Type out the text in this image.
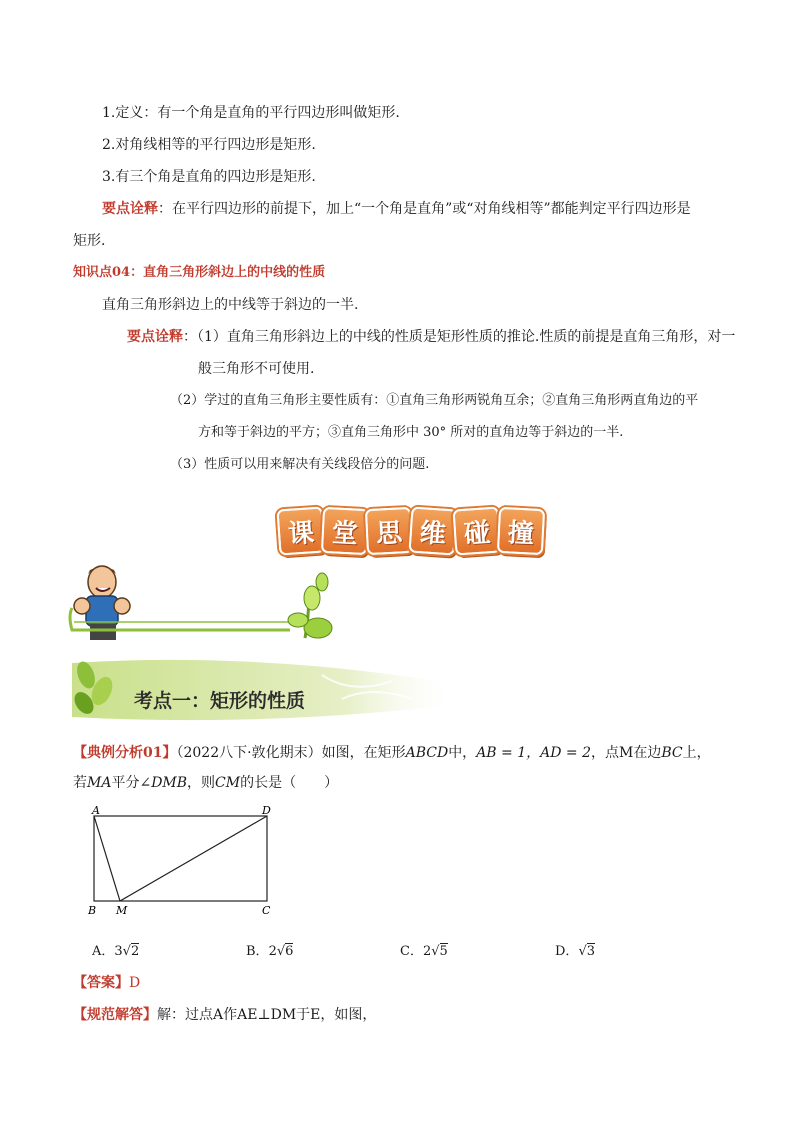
1.定义：有一个角是直角的平行四边形叫做矩形.
2.对角线相等的平行四边形是矩形.
3.有三个角是直角的四边形是矩形.
要点诠释：在平行四边形的前提下，加上“一个角是直角”或“对角线相等”都能判定平行四边形是
矩形.
知识点04：直角三角形斜边上的中线的性质
直角三角形斜边上的中线等于斜边的一半.
要点诠释：（1）直角三角形斜边上的中线的性质是矩形性质的推论.性质的前提是直角三角形，对一
般三角形不可使用.
（2）学过的直角三角形主要性质有：①直角三角形两锐角互余；②直角三角形两直角边的平
方和等于斜边的平方；③直角三角形中 30° 所对的直角边等于斜边的一半.
（3）性质可以用来解决有关线段倍分的问题.
课 堂 思 维 碰 撞
考点一：矩形的性质
【典例分析01】（2022八下·敦化期末）如图，在矩形ABCD中，AB = 1，AD = 2，点M在边BC上，
若MA平分∠DMB，则CM的长是（　　）
A	D
B M	C
A．3√2	B．2√6	C．2√5	D．√3
【答案】D
【规范解答】解：过点A作AE⊥DM于E，如图，
